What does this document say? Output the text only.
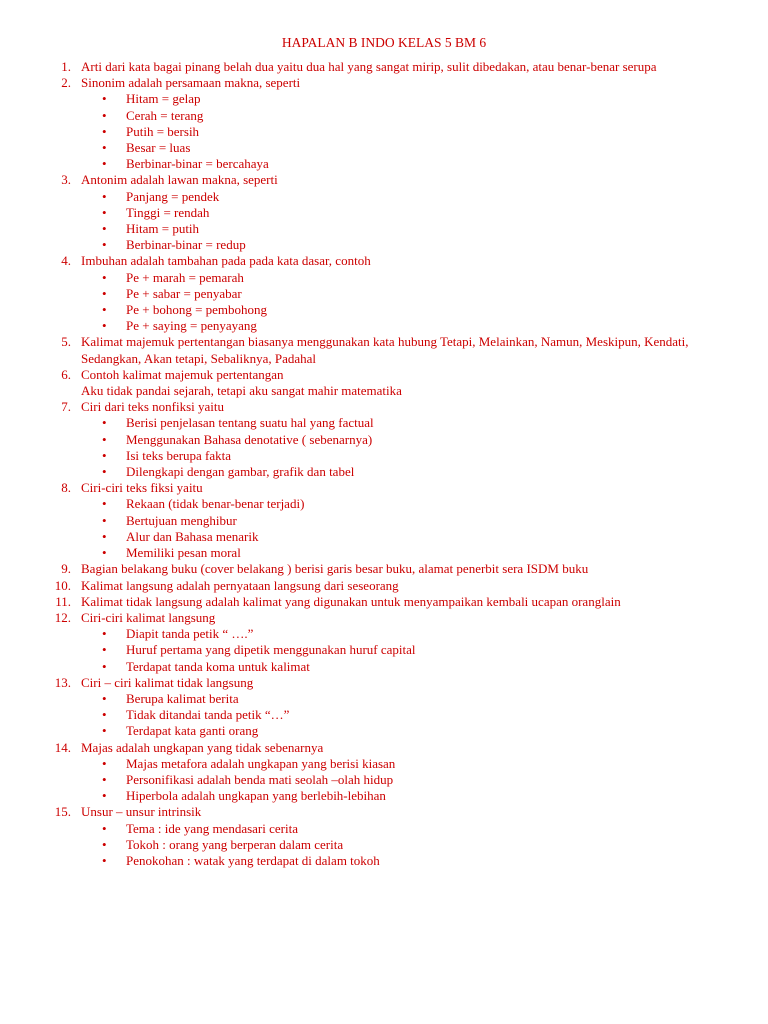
HAPALAN B INDO KELAS 5 BM 6
1. Arti dari kata bagai pinang belah dua yaitu dua hal yang sangat mirip, sulit dibedakan, atau benar-benar serupa
2. Sinonim adalah persamaan makna, seperti
• Hitam = gelap
• Cerah = terang
• Putih = bersih
• Besar = luas
• Berbinar-binar = bercahaya
3. Antonim adalah lawan makna, seperti
• Panjang = pendek
• Tinggi = rendah
• Hitam = putih
• Berbinar-binar = redup
4. Imbuhan adalah tambahan pada pada kata dasar, contoh
• Pe + marah = pemarah
• Pe + sabar = penyabar
• Pe + bohong = pembohong
• Pe + saying = penyayang
5. Kalimat majemuk pertentangan biasanya menggunakan kata hubung Tetapi, Melainkan, Namun, Meskipun, Kendati, Sedangkan, Akan tetapi, Sebaliknya, Padahal
6. Contoh kalimat majemuk pertentangan
Aku tidak pandai sejarah, tetapi aku sangat mahir matematika
7. Ciri dari teks nonfiksi yaitu
• Berisi penjelasan tentang suatu hal yang factual
• Menggunakan Bahasa denotative ( sebenarnya)
• Isi teks berupa fakta
• Dilengkapi dengan gambar, grafik dan tabel
8. Ciri-ciri teks fiksi yaitu
• Rekaan (tidak benar-benar terjadi)
• Bertujuan menghibur
• Alur dan Bahasa menarik
• Memiliki pesan moral
9. Bagian belakang buku (cover belakang ) berisi garis besar buku, alamat penerbit sera ISDM buku
10. Kalimat langsung adalah pernyataan langsung dari seseorang
11. Kalimat tidak langsung adalah kalimat yang digunakan untuk menyampaikan kembali ucapan oranglain
12. Ciri-ciri kalimat langsung
• Diapit tanda petik “ ….”
• Huruf pertama yang dipetik menggunakan huruf capital
• Terdapat tanda koma untuk kalimat
13. Ciri – ciri kalimat tidak langsung
• Berupa kalimat berita
• Tidak ditandai tanda petik “…”
• Terdapat kata ganti orang
14. Majas adalah ungkapan yang tidak sebenarnya
• Majas metafora adalah ungkapan yang berisi kiasan
• Personifikasi adalah benda mati seolah –olah hidup
• Hiperbola adalah ungkapan yang berlebih-lebihan
15. Unsur – unsur intrinsik
• Tema : ide yang mendasari cerita
• Tokoh : orang yang berperan dalam cerita
• Penokohan : watak yang terdapat di dalam tokoh
